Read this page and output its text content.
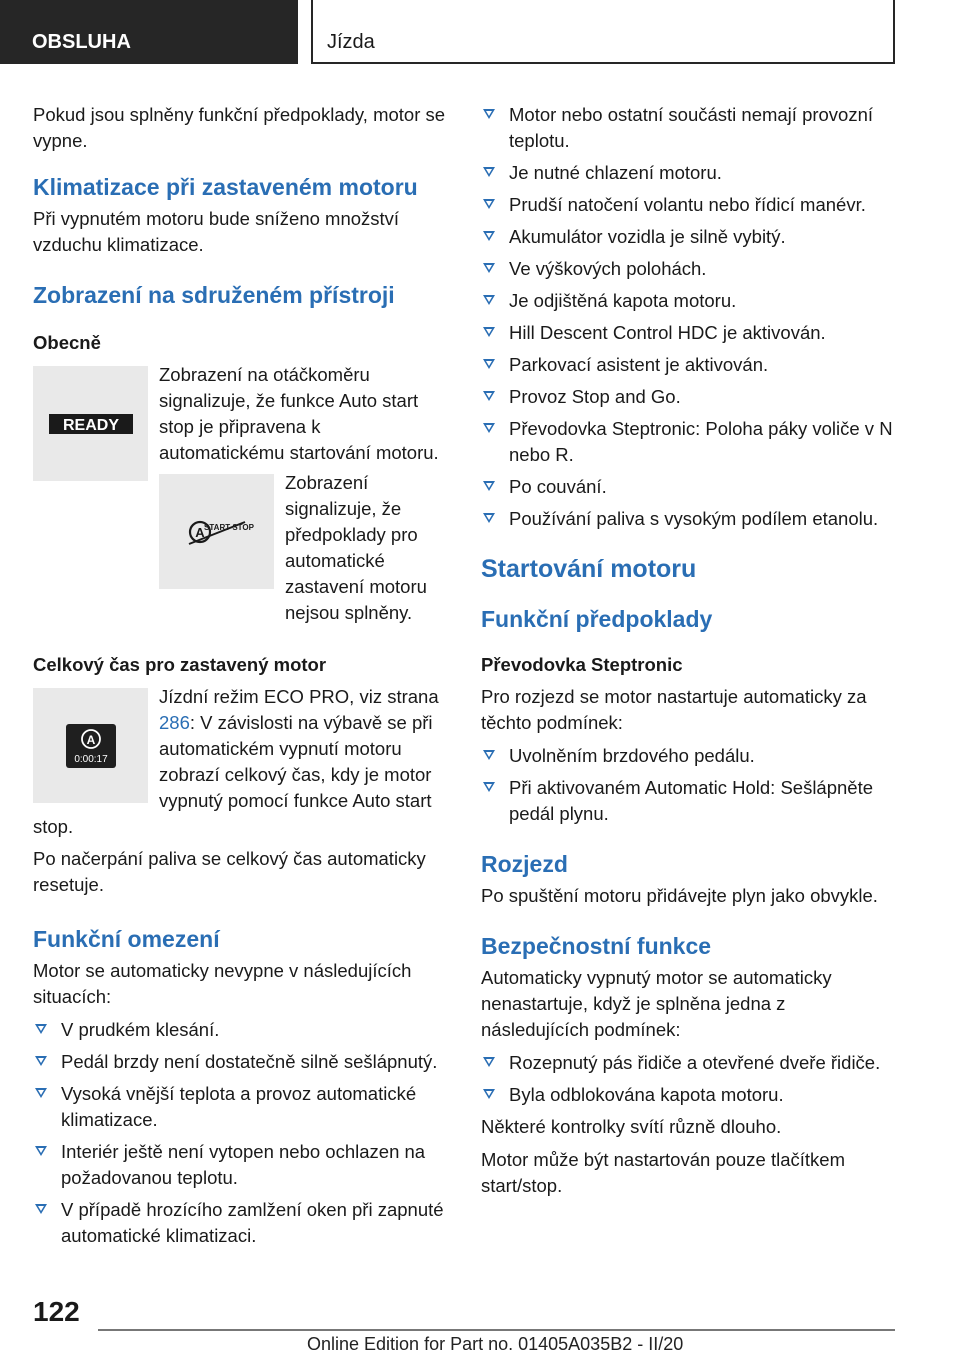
OBSLUHA	Jízda

Pokud jsou splněny funkční předpoklady, motor se vypne.

Klimatizace při zastaveném motoru

Při vypnutém motoru bude sníženo množství vzduchu klimatizace.

Zobrazení na sdruženém přístroji
Obecně
READY
Zobrazení na otáčkoměru signalizuje, že funkce Auto start stop je připravena k automatickému startování motoru.
A START STOP
Zobrazení signalizuje, že předpoklady pro automatické zastavení motoru nejsou splněny.
Celkový čas pro zastavený motor
A
0:00:17
Jízdní režim ECO PRO, viz strana 286: V závislosti na výbavě se při automatickém vypnutí motoru zobrazí celkový čas, kdy je motor vypnutý pomocí funkce Auto start stop.

Po načerpání paliva se celkový čas automaticky resetuje.

Funkční omezení

Motor se automaticky nevypne v následujících situacích:

V prudkém klesání.
Pedál brzdy není dostatečně silně sešlápnutý.
Vysoká vnější teplota a provoz automatické klimatizace.
Interiér ještě není vytopen nebo ochlazen na požadovanou teplotu.
V případě hrozícího zamlžení oken při zapnuté automatické klimatizaci.
Motor nebo ostatní součásti nemají provozní teplotu.
Je nutné chlazení motoru.
Prudší natočení volantu nebo řídicí manévr.
Akumulátor vozidla je silně vybitý.
Ve výškových polohách.
Je odjištěná kapota motoru.
Hill Descent Control HDC je aktivován.
Parkovací asistent je aktivován.
Provoz Stop and Go.
Převodovka Steptronic: Poloha páky voliče v N nebo R.
Po couvání.
Používání paliva s vysokým podílem etanolu.
Startování motoru
Funkční předpoklady
Převodovka Steptronic

Pro rozjezd se motor nastartuje automaticky za těchto podmínek:

Uvolněním brzdového pedálu.
Při aktivovaném Automatic Hold: Sešlápněte pedál plynu.
Rozjezd

Po spuštění motoru přidávejte plyn jako obvykle.

Bezpečnostní funkce

Automaticky vypnutý motor se automaticky nenastartuje, když je splněna jedna z následujících podmínek:

Rozepnutý pás řidiče a otevřené dveře řidiče.
Byla odblokována kapota motoru.

Některé kontrolky svítí různě dlouho.

Motor může být nastartován pouze tlačítkem start/stop.

122
Online Edition for Part no. 01405A035B2 - II/20
